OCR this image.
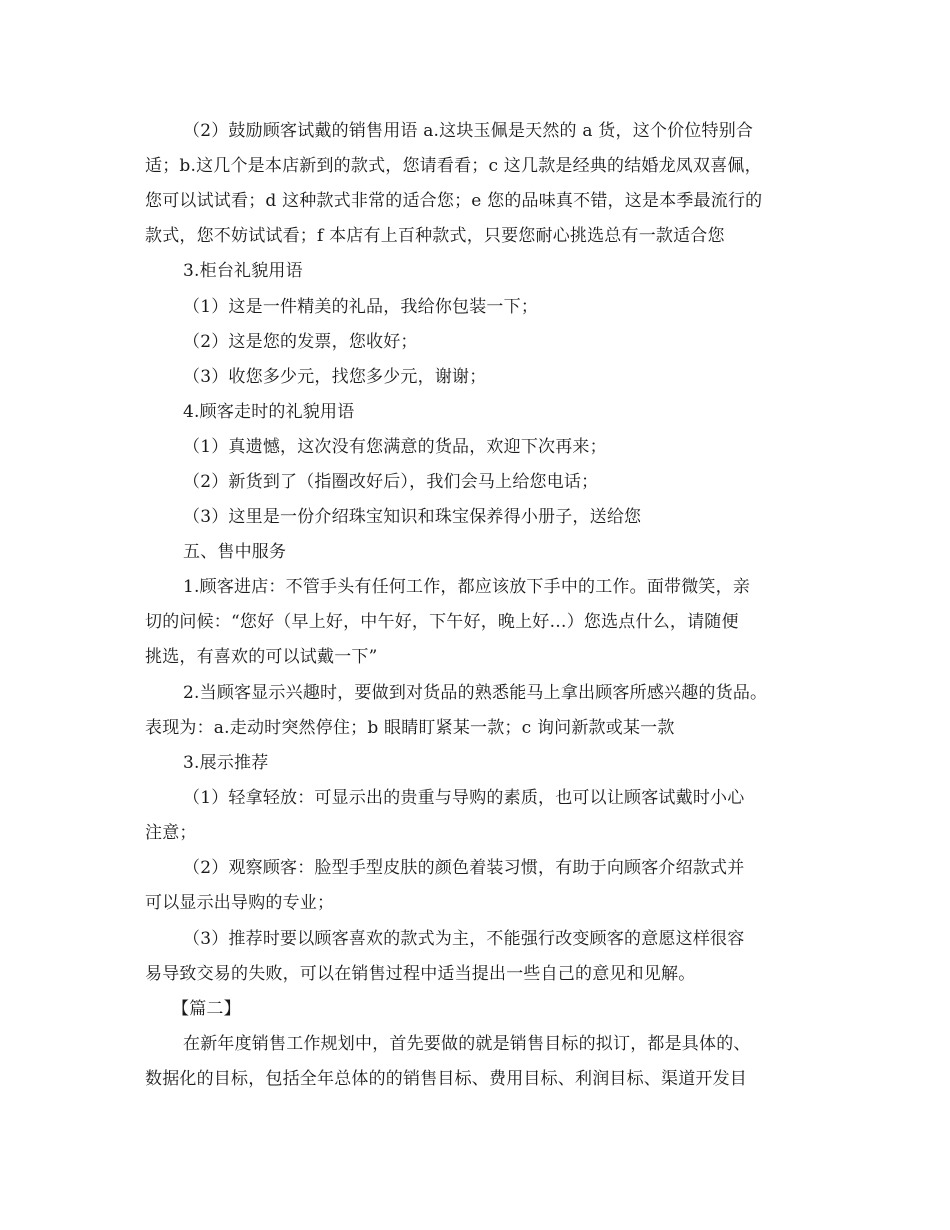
（2）鼓励顾客试戴的销售用语 a.这块玉佩是天然的 a 货，这个价位特别合
适；b.这几个是本店新到的款式，您请看看；c 这几款是经典的结婚龙凤双喜佩，
您可以试试看；d 这种款式非常的适合您；e 您的品味真不错，这是本季最流行的
款式，您不妨试试看；f 本店有上百种款式，只要您耐心挑选总有一款适合您
3.柜台礼貌用语
（1）这是一件精美的礼品，我给你包装一下；
（2）这是您的发票，您收好；
（3）收您多少元，找您多少元，谢谢；
4.顾客走时的礼貌用语
（1）真遗憾，这次没有您满意的货品，欢迎下次再来；
（2）新货到了（指圈改好后），我们会马上给您电话；
（3）这里是一份介绍珠宝知识和珠宝保养得小册子，送给您
五、售中服务
1.顾客进店：不管手头有任何工作，都应该放下手中的工作。面带微笑，亲
切的问候：“您好（早上好，中午好，下午好，晚上好…）您选点什么，请随便
挑选，有喜欢的可以试戴一下”
2.当顾客显示兴趣时，要做到对货品的熟悉能马上拿出顾客所感兴趣的货品。
表现为：a.走动时突然停住；b 眼睛盯紧某一款；c 询问新款或某一款
3.展示推荐
（1）轻拿轻放：可显示出的贵重与导购的素质，也可以让顾客试戴时小心
注意；
（2）观察顾客：脸型手型皮肤的颜色着装习惯，有助于向顾客介绍款式并
可以显示出导购的专业；
（3）推荐时要以顾客喜欢的款式为主，不能强行改变顾客的意愿这样很容
易导致交易的失败，可以在销售过程中适当提出一些自己的意见和见解。
【篇二】
在新年度销售工作规划中，首先要做的就是销售目标的拟订，都是具体的、
数据化的目标，包括全年总体的的销售目标、费用目标、利润目标、渠道开发目
